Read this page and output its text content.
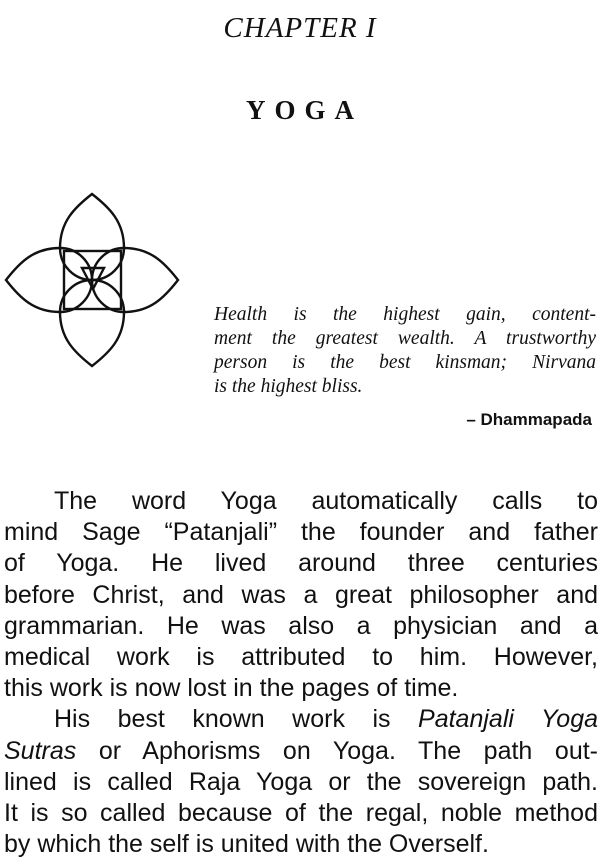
CHAPTER I
YOGA
Health is the highest gain, content-
ment the greatest wealth. A trustworthy
person is the best kinsman; Nirvana
is the highest bliss.
– Dhammapada
The word Yoga automatically calls to
mind Sage “Patanjali” the founder and father
of Yoga. He lived around three centuries
before Christ, and was a great philosopher and
grammarian. He was also a physician and a
medical work is attributed to him. However,
this work is now lost in the pages of time.
His best known work is Patanjali Yoga
Sutras or Aphorisms on Yoga. The path out-
lined is called Raja Yoga or the sovereign path.
It is so called because of the regal, noble method
by which the self is united with the Overself.
